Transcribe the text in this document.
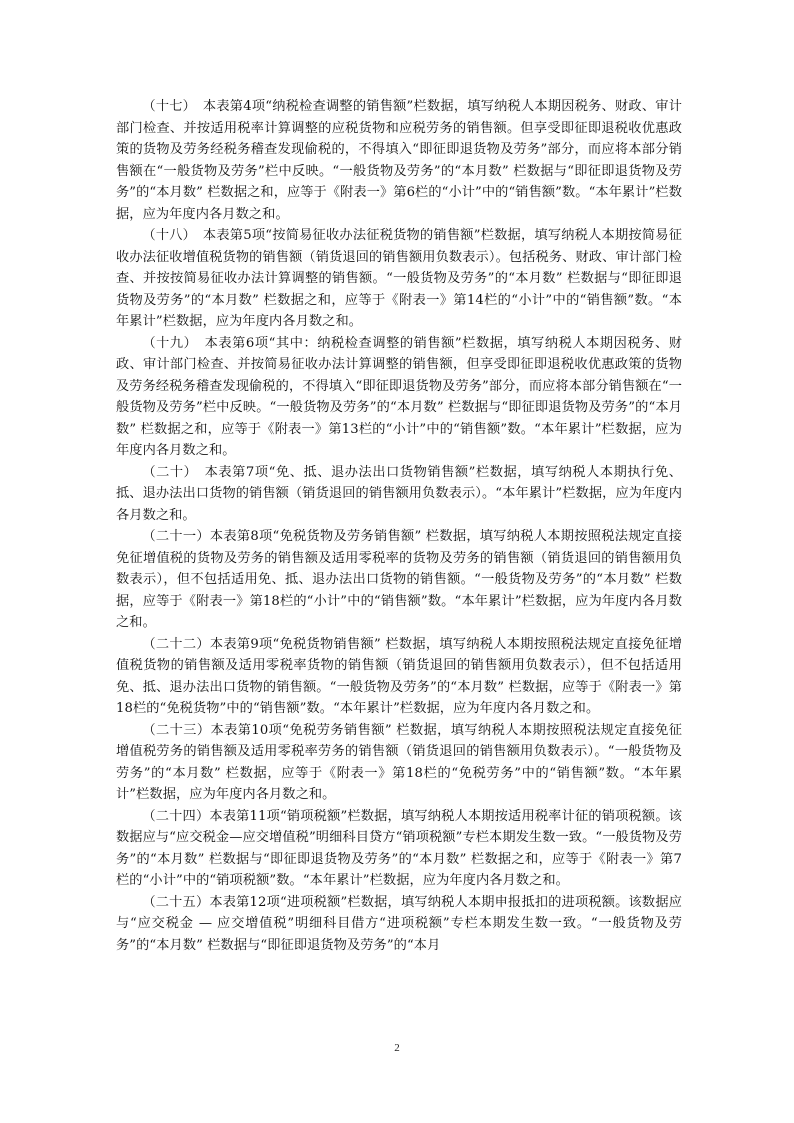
（十七）　本表第4项“纳税检查调整的销售额”栏数据，填写纳税人本期因税务、财政、审计部门检查、并按适用税率计算调整的应税货物和应税劳务的销售额。但享受即征即退税收优惠政策的货物及劳务经税务稽查发现偷税的，不得填入“即征即退货物及劳务”部分，而应将本部分销售额在“一般货物及劳务”栏中反映。“一般货物及劳务”的“本月数” 栏数据与“即征即退货物及劳务”的“本月数” 栏数据之和，应等于《附表一》第6栏的“小计”中的“销售额”数。“本年累计”栏数据，应为年度内各月数之和。

（十八）　本表第5项“按简易征收办法征税货物的销售额”栏数据，填写纳税人本期按简易征收办法征收增值税货物的销售额（销货退回的销售额用负数表示）。包括税务、财政、审计部门检查、并按按简易征收办法计算调整的销售额。“一般货物及劳务”的“本月数” 栏数据与“即征即退货物及劳务”的“本月数” 栏数据之和，应等于《附表一》第14栏的“小计”中的“销售额”数。“本年累计”栏数据，应为年度内各月数之和。

（十九）　本表第6项“其中：纳税检查调整的销售额”栏数据，填写纳税人本期因税务、财政、审计部门检查、并按简易征收办法计算调整的销售额，但享受即征即退税收优惠政策的货物及劳务经税务稽查发现偷税的，不得填入“即征即退货物及劳务”部分，而应将本部分销售额在“一般货物及劳务”栏中反映。“一般货物及劳务”的“本月数” 栏数据与“即征即退货物及劳务”的“本月数” 栏数据之和，应等于《附表一》第13栏的“小计”中的“销售额”数。“本年累计”栏数据，应为年度内各月数之和。

（二十）　本表第7项“免、抵、退办法出口货物销售额”栏数据，填写纳税人本期执行免、抵、退办法出口货物的销售额（销货退回的销售额用负数表示）。“本年累计”栏数据，应为年度内各月数之和。

（二十一）本表第8项“免税货物及劳务销售额” 栏数据，填写纳税人本期按照税法规定直接免征增值税的货物及劳务的销售额及适用零税率的货物及劳务的销售额（销货退回的销售额用负数表示），但不包括适用免、抵、退办法出口货物的销售额。“一般货物及劳务”的“本月数” 栏数据，应等于《附表一》第18栏的“小计”中的“销售额”数。“本年累计”栏数据，应为年度内各月数之和。

（二十二）本表第9项“免税货物销售额” 栏数据，填写纳税人本期按照税法规定直接免征增值税货物的销售额及适用零税率货物的销售额（销货退回的销售额用负数表示），但不包括适用免、抵、退办法出口货物的销售额。“一般货物及劳务”的“本月数” 栏数据，应等于《附表一》第18栏的“免税货物”中的“销售额”数。“本年累计”栏数据，应为年度内各月数之和。

（二十三）本表第10项“免税劳务销售额” 栏数据，填写纳税人本期按照税法规定直接免征增值税劳务的销售额及适用零税率劳务的销售额（销货退回的销售额用负数表示）。“一般货物及劳务”的“本月数” 栏数据，应等于《附表一》第18栏的“免税劳务”中的“销售额”数。“本年累计”栏数据，应为年度内各月数之和。

（二十四）本表第11项“销项税额”栏数据，填写纳税人本期按适用税率计征的销项税额。该数据应与“应交税金—应交增值税”明细科目贷方“销项税额”专栏本期发生数一致。“一般货物及劳务”的“本月数” 栏数据与“即征即退货物及劳务”的“本月数” 栏数据之和，应等于《附表一》第7栏的“小计”中的“销项税额”数。“本年累计”栏数据，应为年度内各月数之和。

（二十五）本表第12项“进项税额”栏数据，填写纳税人本期申报抵扣的进项税额。该数据应与“应交税金 — 应交增值税”明细科目借方“进项税额”专栏本期发生数一致。“一般货物及劳务”的“本月数” 栏数据与“即征即退货物及劳务”的“本月

2
